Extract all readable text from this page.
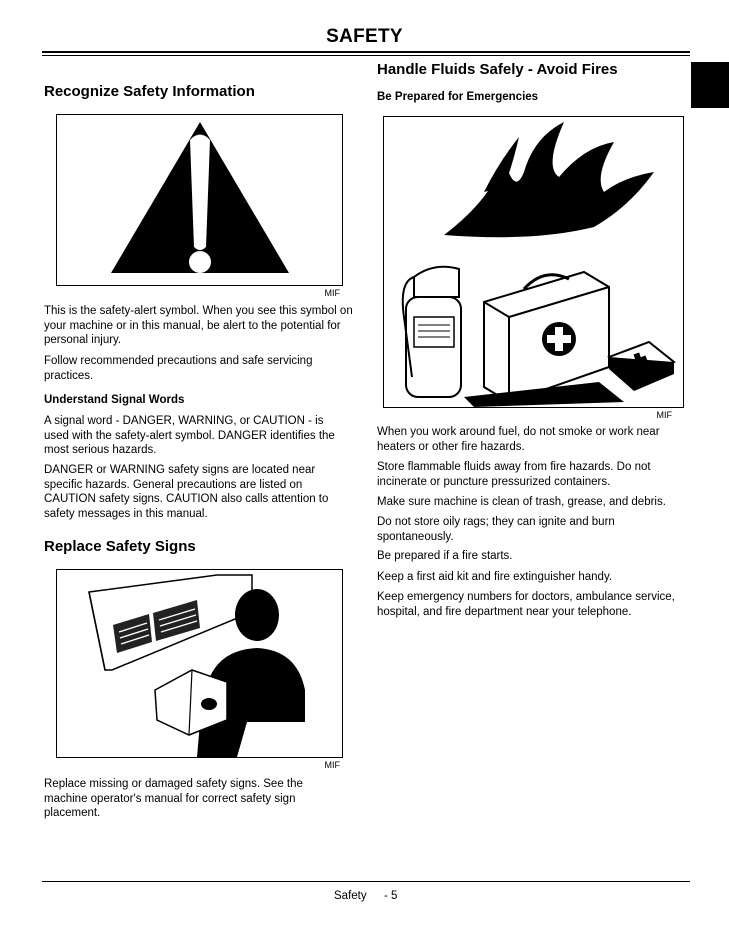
SAFETY
Recognize Safety Information
MIF
This is the safety-alert symbol. When you see this symbol on your machine or in this manual, be alert to the potential for personal injury.
Follow recommended precautions and safe servicing practices.
Understand Signal Words
A signal word - DANGER, WARNING, or CAUTION - is used with the safety-alert symbol. DANGER identifies the most serious hazards.
DANGER or WARNING safety signs are located near specific hazards. General precautions are listed on CAUTION safety signs. CAUTION also calls attention to safety messages in this manual.
Replace Safety Signs
MIF
Replace missing or damaged safety signs. See the machine operator's manual for correct safety sign placement.
Handle Fluids Safely - Avoid Fires
Be Prepared for Emergencies
MIF
When you work around fuel, do not smoke or work near heaters or other fire hazards.
Store flammable fluids away from fire hazards. Do not incinerate or puncture pressurized containers.
Make sure machine is clean of trash, grease, and debris.
Do not store oily rags; they can ignite and burn spontaneously.
Be prepared if a fire starts.
Keep a first aid kit and fire extinguisher handy.
Keep emergency numbers for doctors, ambulance service, hospital, and fire department near your telephone.
Safety - 5
